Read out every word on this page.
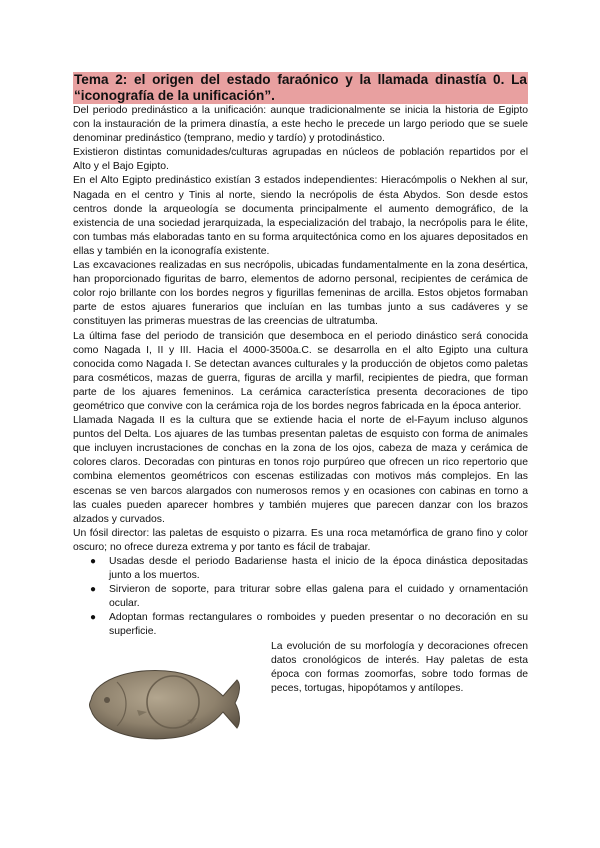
Tema 2: el origen del estado faraónico y la llamada dinastía 0. La “iconografía de la unificación”.

Del periodo predinástico a la unificación: aunque tradicionalmente se inicia la historia de Egipto con la instauración de la primera dinastía, a este hecho le precede un largo periodo que se suele denominar predinástico (temprano, medio y tardío) y protodinástico.

Existieron distintas comunidades/culturas agrupadas en núcleos de población repartidos por el Alto y el Bajo Egipto.

En el Alto Egipto predinástico existían 3 estados independientes: Hieracómpolis o Nekhen al sur, Nagada en el centro y Tinis al norte, siendo la necrópolis de ésta Abydos. Son desde estos centros donde la arqueología se documenta principalmente el aumento demográfico, de la existencia de una sociedad jerarquizada, la especialización del trabajo, la necrópolis para le élite, con tumbas más elaboradas tanto en su forma arquitectónica como en los ajuares depositados en ellas y también en la iconografía existente.

Las excavaciones realizadas en sus necrópolis, ubicadas fundamentalmente en la zona desértica, han proporcionado figuritas de barro, elementos de adorno personal, recipientes de cerámica de color rojo brillante con los bordes negros y figurillas femeninas de arcilla. Estos objetos formaban parte de estos ajuares funerarios que incluían en las tumbas junto a sus cadáveres y se constituyen las primeras muestras de las creencias de ultratumba.

La última fase del periodo de transición que desemboca en el periodo dinástico será conocida como Nagada I, II y III. Hacia el 4000-3500a.C. se desarrolla en el alto Egipto una cultura conocida como Nagada I. Se detectan avances culturales y la producción de objetos como paletas para cosméticos, mazas de guerra, figuras de arcilla y marfil, recipientes de piedra, que forman parte de los ajuares femeninos. La cerámica característica presenta decoraciones de tipo geométrico que convive con la cerámica roja de los bordes negros fabricada en la época anterior.

Llamada Nagada II es la cultura que se extiende hacia el norte de el-Fayum incluso algunos puntos del Delta. Los ajuares de las tumbas presentan paletas de esquisto con forma de animales que incluyen incrustaciones de conchas en la zona de los ojos, cabeza de maza y cerámica de colores claros. Decoradas con pinturas en tonos rojo purpúreo que ofrecen un rico repertorio que combina elementos geométricos con escenas estilizadas con motivos más complejos. En las escenas se ven barcos alargados con numerosos remos y en ocasiones con cabinas en torno a las cuales pueden aparecer hombres y también mujeres que parecen danzar con los brazos alzados y curvados.

Un fósil director: las paletas de esquisto o pizarra. Es una roca metamórfica de grano fino y color oscuro; no ofrece dureza extrema y por tanto es fácil de trabajar.

● Usadas desde el periodo Badariense hasta el inicio de la época dinástica depositadas junto a los muertos.
● Sirvieron de soporte, para triturar sobre ellas galena para el cuidado y ornamentación ocular.
● Adoptan formas rectangulares o romboides y pueden presentar o no decoración en su superficie.
La evolución de su morfología y decoraciones ofrecen datos cronológicos de interés. Hay paletas de esta época con formas zoomorfas, sobre todo formas de peces, tortugas, hipopótamos y antílopes.
